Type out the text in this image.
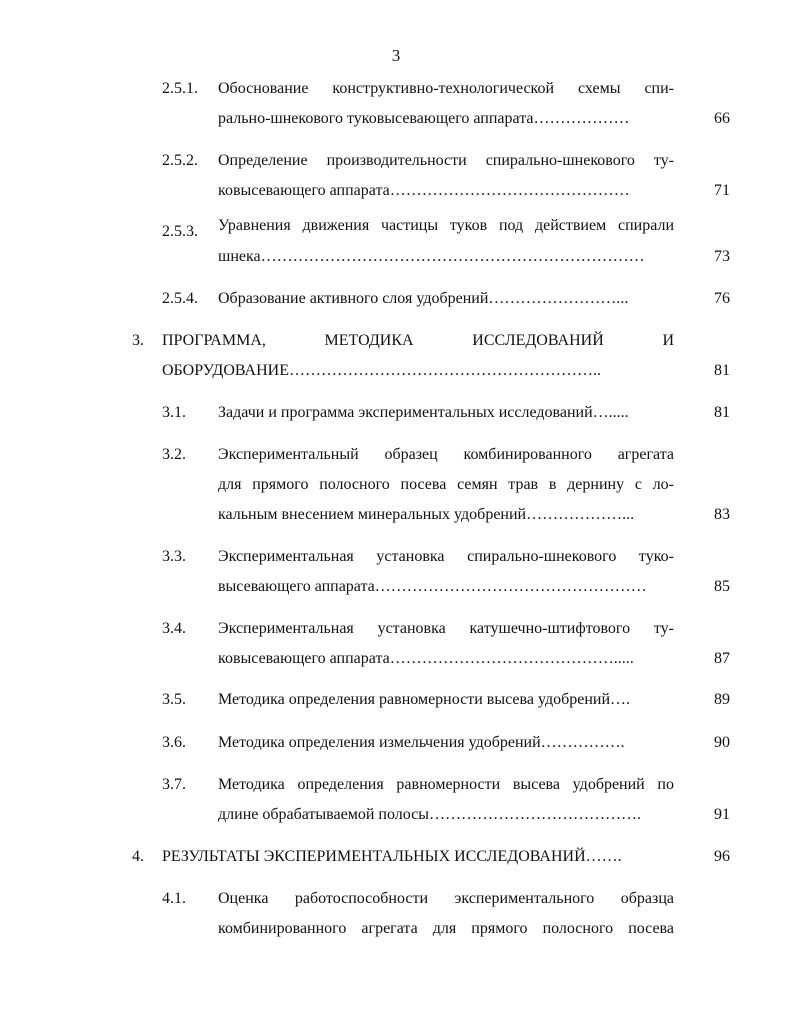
3
2.5.1. Обоснование конструктивно-технологической схемы спи-
рально-шнекового туковысевающего аппарата………………	66
2.5.2. Определение производительности спирально-шнекового ту-
ковысевающего аппарата………………………………………	71
2.5.3. Уравнения движения частицы туков под действием спирали
шнека………………………………………………………………	73
2.5.4. Образование активного слоя удобрений……………………...	76
3. ПРОГРАММА, МЕТОДИКА ИССЛЕДОВАНИЙ И
ОБОРУДОВАНИЕ…………………………………………………..	81
3.1. Задачи и программа экспериментальных исследований….....	81
3.2. Экспериментальный образец комбинированного агрегата
для прямого полосного посева семян трав в дернину с ло-
кальным внесением минеральных удобрений………………...	83
3.3. Экспериментальная установка спирально-шнекового туко-
высевающего аппарата……………………………………………	85
3.4. Экспериментальная установка катушечно-штифтового ту-
ковысевающего аппарата…………………………………….....	87
3.5. Методика определения равномерности высева удобрений….	89
3.6. Методика определения измельчения удобрений…………….	90
3.7. Методика определения равномерности высева удобрений по
длине обрабатываемой полосы………………………………….	91
4. РЕЗУЛЬТАТЫ ЭКСПЕРИМЕНТАЛЬНЫХ ИССЛЕДОВАНИЙ…….	96
4.1. Оценка работоспособности экспериментального образца
комбинированного агрегата для прямого полосного посева
